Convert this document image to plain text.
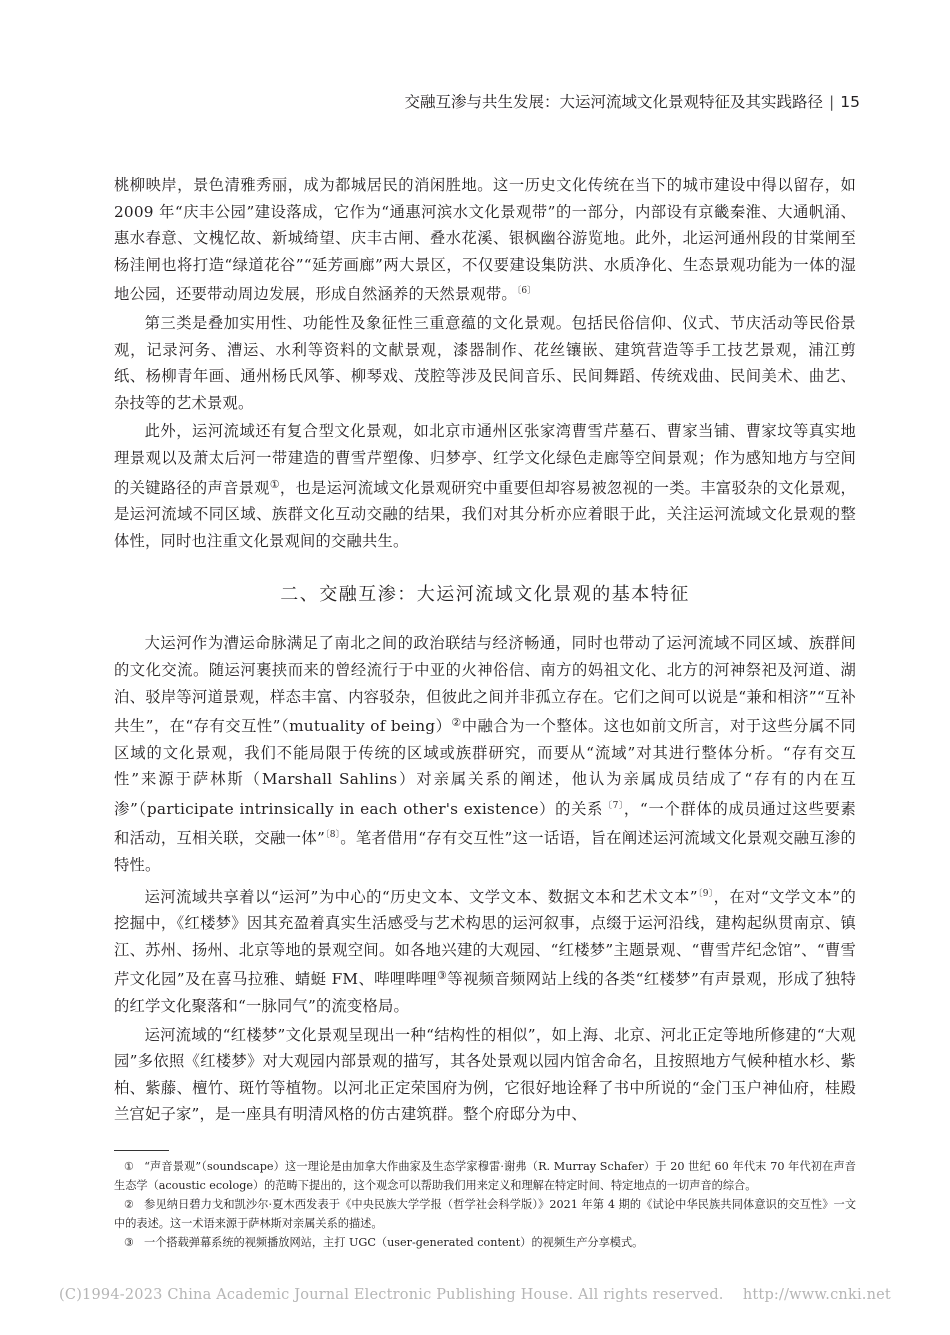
交融互渗与共生发展：大运河流域文化景观特征及其实践路径 | 15

桃柳映岸，景色清雅秀丽，成为都城居民的消闲胜地。这一历史文化传统在当下的城市建设中得以留存，如 2009 年“庆丰公园”建设落成，它作为“通惠河滨水文化景观带”的一部分，内部设有京畿秦淮、大通帆涌、惠水春意、文槐忆故、新城绮望、庆丰古闸、叠水花溪、银枫幽谷游览地。此外，北运河通州段的甘棠闸至杨洼闸也将打造“绿道花谷”“延芳画廊”两大景区，不仅要建设集防洪、水质净化、生态景观功能为一体的湿地公园，还要带动周边发展，形成自然涵养的天然景观带。$^{〔6〕}$

第三类是叠加实用性、功能性及象征性三重意蕴的文化景观。包括民俗信仰、仪式、节庆活动等民俗景观，记录河务、漕运、水利等资料的文献景观，漆器制作、花丝镶嵌、建筑营造等手工技艺景观，浦江剪纸、杨柳青年画、通州杨氏风筝、柳琴戏、茂腔等涉及民间音乐、民间舞蹈、传统戏曲、民间美术、曲艺、杂技等的艺术景观。

此外，运河流域还有复合型文化景观，如北京市通州区张家湾曹雪芹墓石、曹家当铺、曹家坟等真实地理景观以及萧太后河一带建造的曹雪芹塑像、归梦亭、红学文化绿色走廊等空间景观；作为感知地方与空间的关键路径的声音景观①，也是运河流域文化景观研究中重要但却容易被忽视的一类。丰富驳杂的文化景观，是运河流域不同区域、族群文化互动交融的结果，我们对其分析亦应着眼于此，关注运河流域文化景观的整体性，同时也注重文化景观间的交融共生。

二、交融互渗：大运河流域文化景观的基本特征

大运河作为漕运命脉满足了南北之间的政治联结与经济畅通，同时也带动了运河流域不同区域、族群间的文化交流。随运河裹挟而来的曾经流行于中亚的火神俗信、南方的妈祖文化、北方的河神祭祀及河道、湖泊、驳岸等河道景观，样态丰富、内容驳杂，但彼此之间并非孤立存在。它们之间可以说是“兼和相济”“互补共生”，在“存有交互性”（mutuality of being）②中融合为一个整体。这也如前文所言，对于这些分属不同区域的文化景观，我们不能局限于传统的区域或族群研究，而要从“流域”对其进行整体分析。“存有交互性”来源于萨林斯（Marshall Sahlins）对亲属关系的阐述，他认为亲属成员结成了“存有的内在互渗”（participate intrinsically in each other's existence）的关系$^{〔7〕}$，“一个群体的成员通过这些要素和活动，互相关联，交融一体”$^{〔8〕}$。笔者借用“存有交互性”这一话语，旨在阐述运河流域文化景观交融互渗的特性。

运河流域共享着以“运河”为中心的“历史文本、文学文本、数据文本和艺术文本”$^{〔9〕}$，在对“文学文本”的挖掘中，《红楼梦》因其充盈着真实生活感受与艺术构思的运河叙事，点缀于运河沿线，建构起纵贯南京、镇江、苏州、扬州、北京等地的景观空间。如各地兴建的大观园、“红楼梦”主题景观、“曹雪芹纪念馆”、“曹雪芹文化园”及在喜马拉雅、蜻蜓 FM、哔哩哔哩③等视频音频网站上线的各类“红楼梦”有声景观，形成了独特的红学文化聚落和“一脉同气”的流变格局。

运河流域的“红楼梦”文化景观呈现出一种“结构性的相似”，如上海、北京、河北正定等地所修建的“大观园”多依照《红楼梦》对大观园内部景观的描写，其各处景观以园内馆舍命名，且按照地方气候种植水杉、紫柏、紫藤、檀竹、斑竹等植物。以河北正定荣国府为例，它很好地诠释了书中所说的“金门玉户神仙府，桂殿兰宫妃子家”，是一座具有明清风格的仿古建筑群。整个府邸分为中、

① “声音景观”（soundscape）这一理论是由加拿大作曲家及生态学家穆雷·谢弗（R. Murray Schafer）于 20 世纪 60 年代末 70 年代初在声音生态学（acoustic ecologe）的范畴下提出的，这个观念可以帮助我们用来定义和理解在特定时间、特定地点的一切声音的综合。

② 参见纳日碧力戈和凯沙尔·夏木西发表于《中央民族大学学报（哲学社会科学版）》2021 年第 4 期的《试论中华民族共同体意识的交互性》一文中的表述。这一术语来源于萨林斯对亲属关系的描述。

③ 一个搭载弹幕系统的视频播放网站，主打 UGC（user-generated content）的视频生产分享模式。

(C)1994-2023 China Academic Journal Electronic Publishing House. All rights reserved.    http://www.cnki.net
